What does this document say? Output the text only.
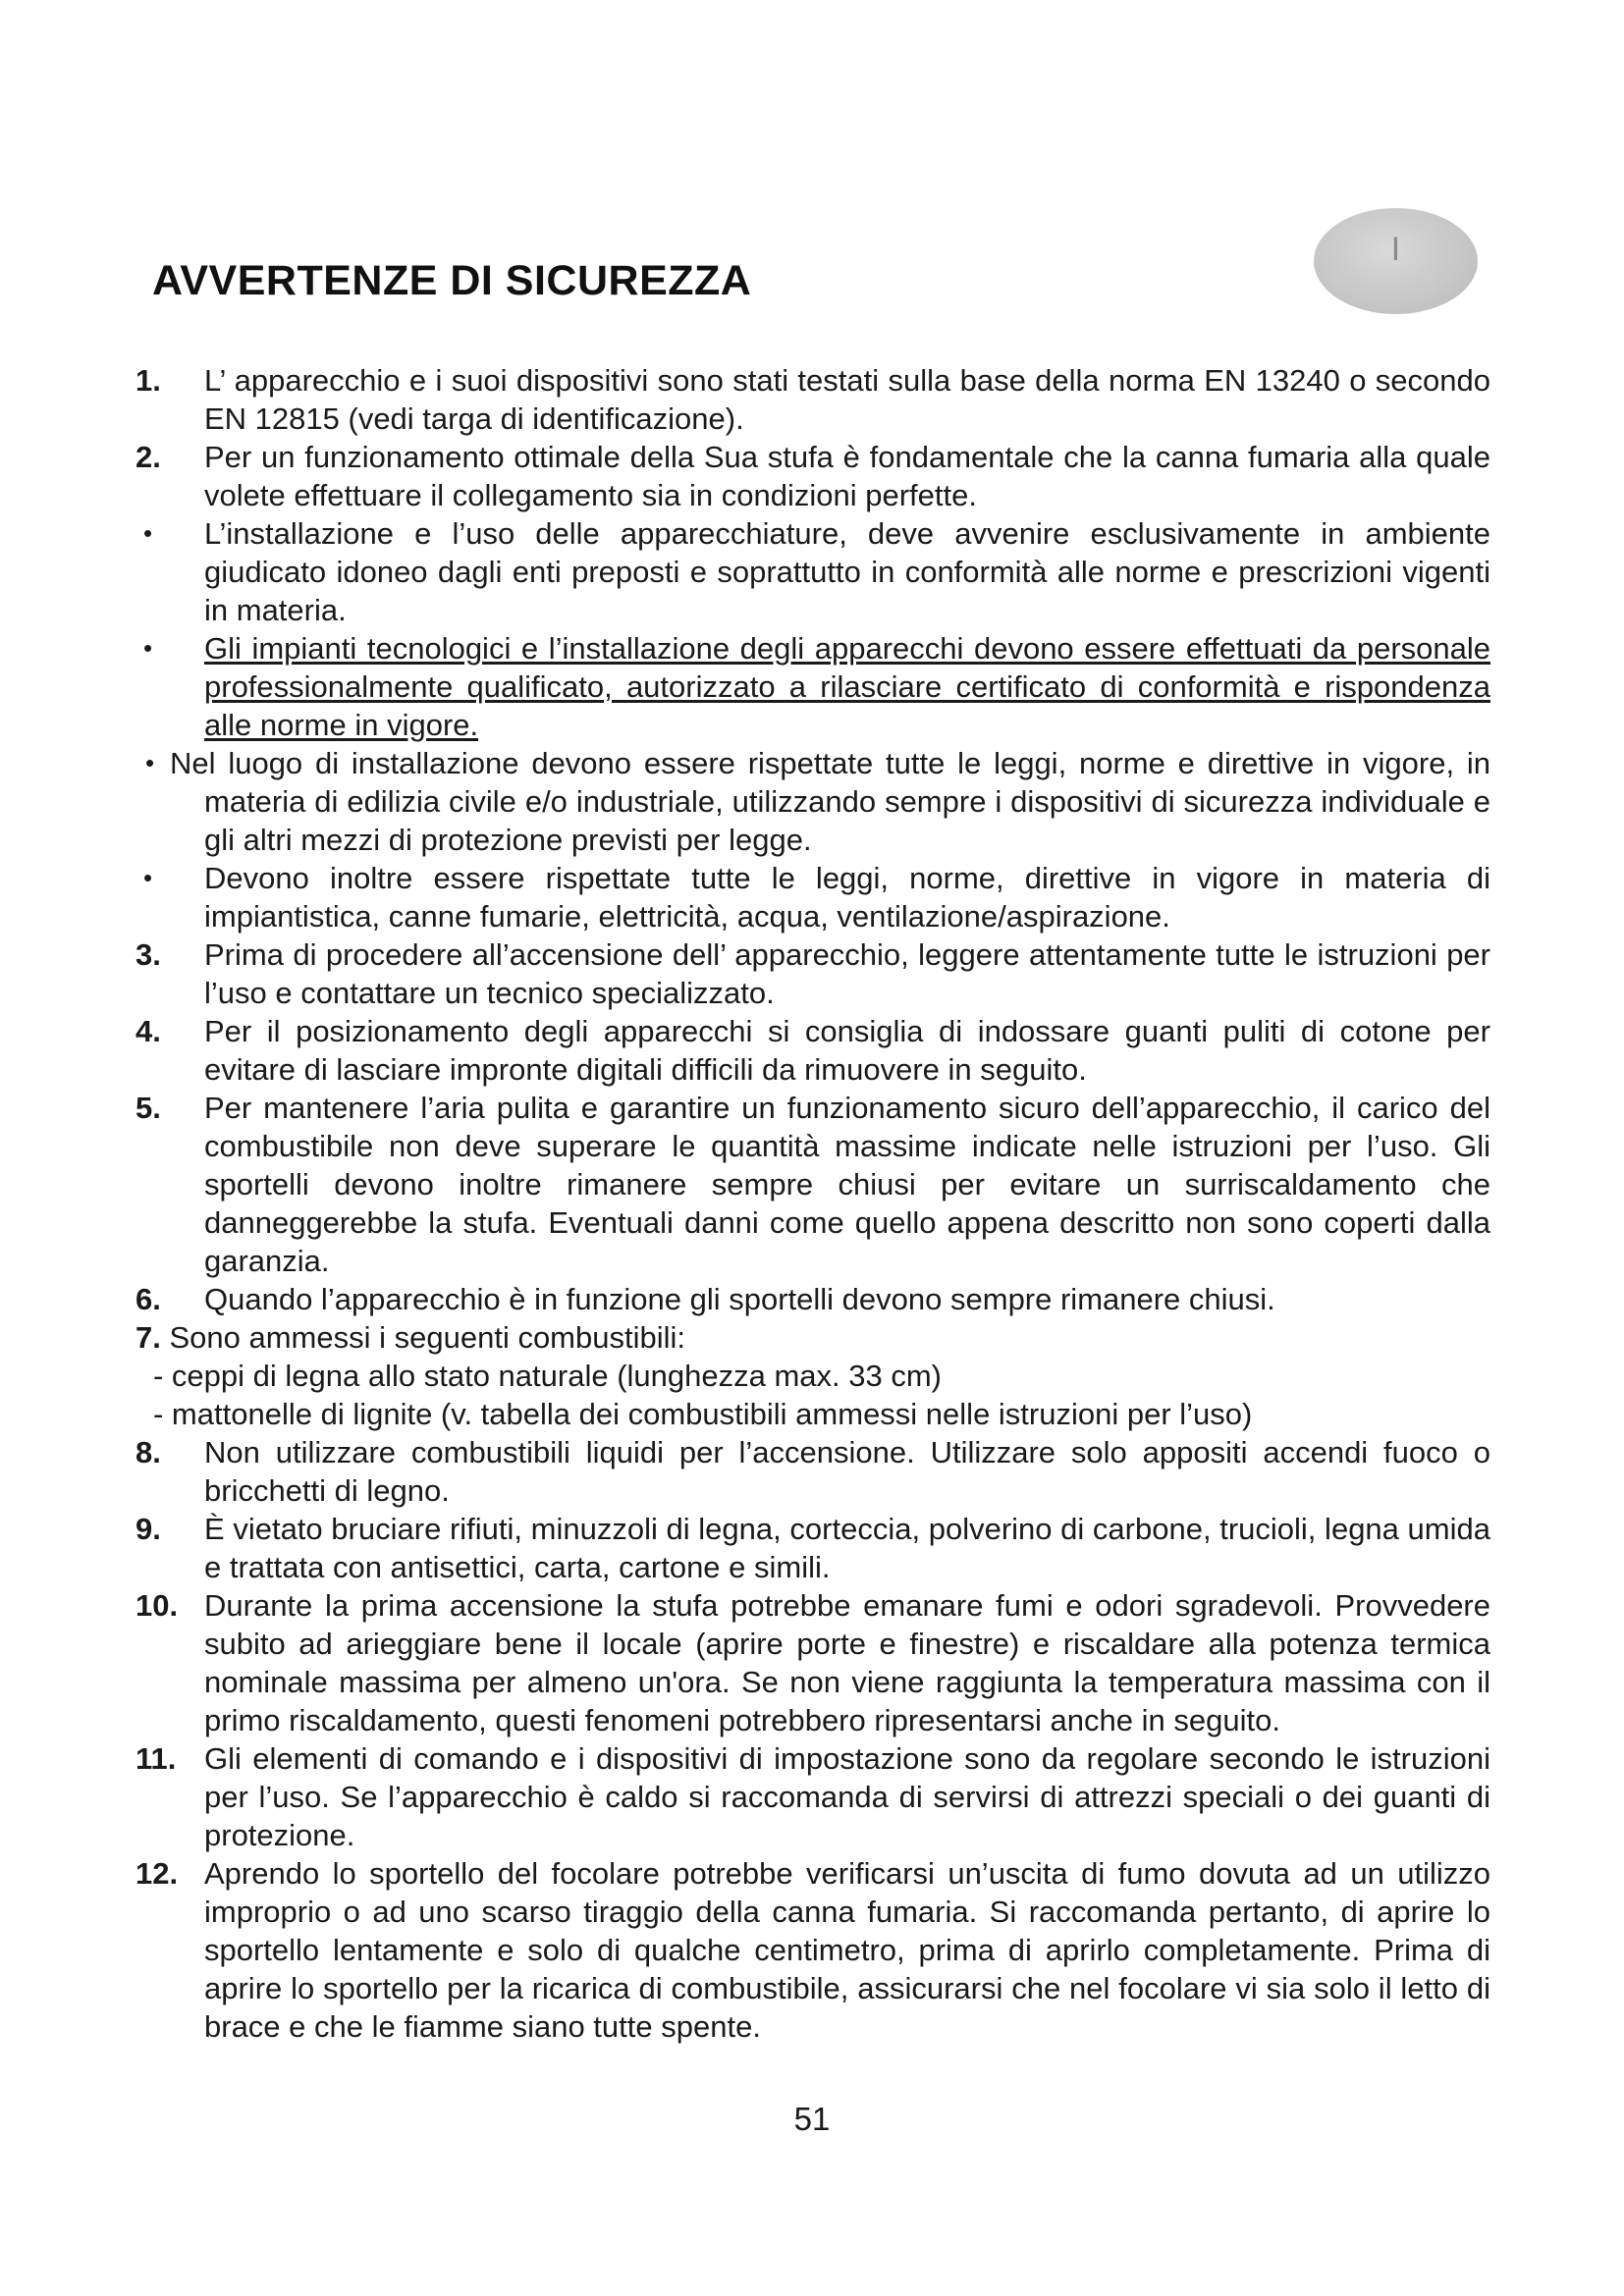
I
AVVERTENZE DI SICUREZZA
1. L’ apparecchio e i suoi dispositivi sono stati testati sulla base della norma EN 13240 o secondo EN 12815 (vedi targa di identificazione).
2. Per un funzionamento ottimale della Sua stufa è fondamentale che la canna fumaria alla quale volete effettuare il collegamento sia in condizioni perfette.
• L’installazione e l’uso delle apparecchiature, deve avvenire esclusivamente in ambiente giudicato idoneo dagli enti preposti e soprattutto in conformità alle norme e prescrizioni vigenti in materia.
• Gli impianti tecnologici e l’installazione degli apparecchi devono essere effettuati da personale professionalmente qualificato, autorizzato a rilasciare certificato di conformità e rispondenza alle norme in vigore.
• Nel luogo di installazione devono essere rispettate tutte le leggi, norme e direttive in vigore, in materia di edilizia civile e/o industriale, utilizzando sempre i dispositivi di sicurezza individuale e gli altri mezzi di protezione previsti per legge.
• Devono inoltre essere rispettate tutte le leggi, norme, direttive in vigore in materia di impiantistica, canne fumarie, elettricità, acqua, ventilazione/aspirazione.
3. Prima di procedere all’accensione dell’ apparecchio, leggere attentamente tutte le istruzioni per l’uso e contattare un tecnico specializzato.
4. Per il posizionamento degli apparecchi si consiglia di indossare guanti puliti di cotone per evitare di lasciare impronte digitali difficili da rimuovere in seguito.
5. Per mantenere l’aria pulita e garantire un funzionamento sicuro dell’apparecchio, il carico del combustibile non deve superare le quantità massime indicate nelle istruzioni per l’uso. Gli sportelli devono inoltre rimanere sempre chiusi per evitare un surriscaldamento che danneggerebbe la stufa. Eventuali danni come quello appena descritto non sono coperti dalla garanzia.
6. Quando l’apparecchio è in funzione gli sportelli devono sempre rimanere chiusi.
7. Sono ammessi i seguenti combustibili:
- ceppi di legna allo stato naturale (lunghezza max. 33 cm)
- mattonelle di lignite (v. tabella dei combustibili ammessi nelle istruzioni per l’uso)
8. Non utilizzare combustibili liquidi per l’accensione. Utilizzare solo appositi accendi fuoco o bricchetti di legno.
9. È vietato bruciare rifiuti, minuzzoli di legna, corteccia, polverino di carbone, trucioli, legna umida e trattata con antisettici, carta, cartone e simili.
10. Durante la prima accensione la stufa potrebbe emanare fumi e odori sgradevoli. Provvedere subito ad arieggiare bene il locale (aprire porte e finestre) e riscaldare alla potenza termica nominale massima per almeno un'ora. Se non viene raggiunta la temperatura massima con il primo riscaldamento, questi fenomeni potrebbero ripresentarsi anche in seguito.
11. Gli elementi di comando e i dispositivi di impostazione sono da regolare secondo le istruzioni per l’uso. Se l’apparecchio è caldo si raccomanda di servirsi di attrezzi speciali o dei guanti di protezione.
12. Aprendo lo sportello del focolare potrebbe verificarsi un’uscita di fumo dovuta ad un utilizzo improprio o ad uno scarso tiraggio della canna fumaria. Si raccomanda pertanto, di aprire lo sportello lentamente e solo di qualche centimetro, prima di aprirlo completamente. Prima di aprire lo sportello per la ricarica di combustibile, assicurarsi che nel focolare vi sia solo il letto di brace e che le fiamme siano tutte spente.
51
